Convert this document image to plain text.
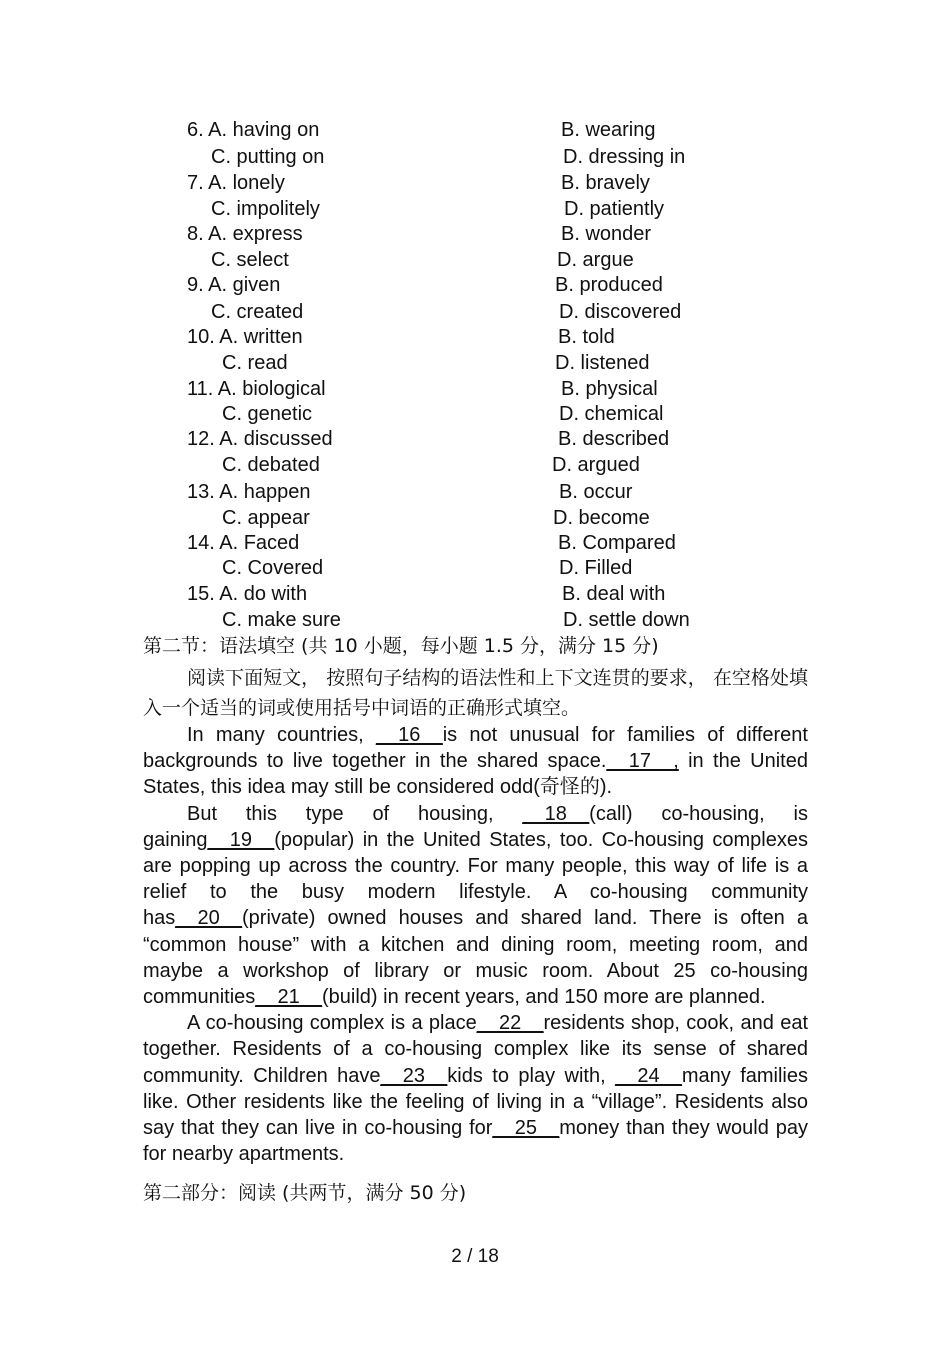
6. A. having on	B. wearing
C. putting on	D. dressing in
7. A. lonely	B. bravely
C. impolitely	D. patiently
8. A. express	B. wonder
C. select	D. argue
9. A. given	B. produced
C. created	D. discovered
10. A. written	B. told
C. read	D. listened
11. A. biological	B. physical
C. genetic	D. chemical
12. A. discussed	B. described
C. debated	D. argued
13. A. happen	B. occur
C. appear	D. become
14. A. Faced	B. Compared
C. Covered	D. Filled
15. A. do with	B. deal with
C. make sure	D. settle down
第二节：语法填空 (共 10 小题，每小题 1.5 分，满分 15 分)
阅读下面短文， 按照句子结构的语法性和上下文连贯的要求， 在空格处填入一个适当的词或使用括号中词语的正确形式填空。

In many countries, __16__is not unusual for families of different backgrounds to live together in the shared space.__17__, in the United States, this idea may still be considered odd(奇怪的).

But this type of housing, __18__(call) co-housing, is gaining__19__(popular) in the United States, too. Co-housing complexes are popping up across the country. For many people, this way of life is a relief to the busy modern lifestyle. A co-housing community has__20__(private) owned houses and shared land. There is often a “common house” with a kitchen and dining room, meeting room, and maybe a workshop of library or music room. About 25 co-housing communities__21__(build) in recent years, and 150 more are planned.

A co-housing complex is a place__22__residents shop, cook, and eat together. Residents of a co-housing complex like its sense of shared community. Children have__23__kids to play with, __24__many families like. Other residents like the feeling of living in a “village”. Residents also say that they can live in co-housing for__25__money than they would pay for nearby apartments.

第二部分：阅读 (共两节，满分 50 分)
2 / 18
